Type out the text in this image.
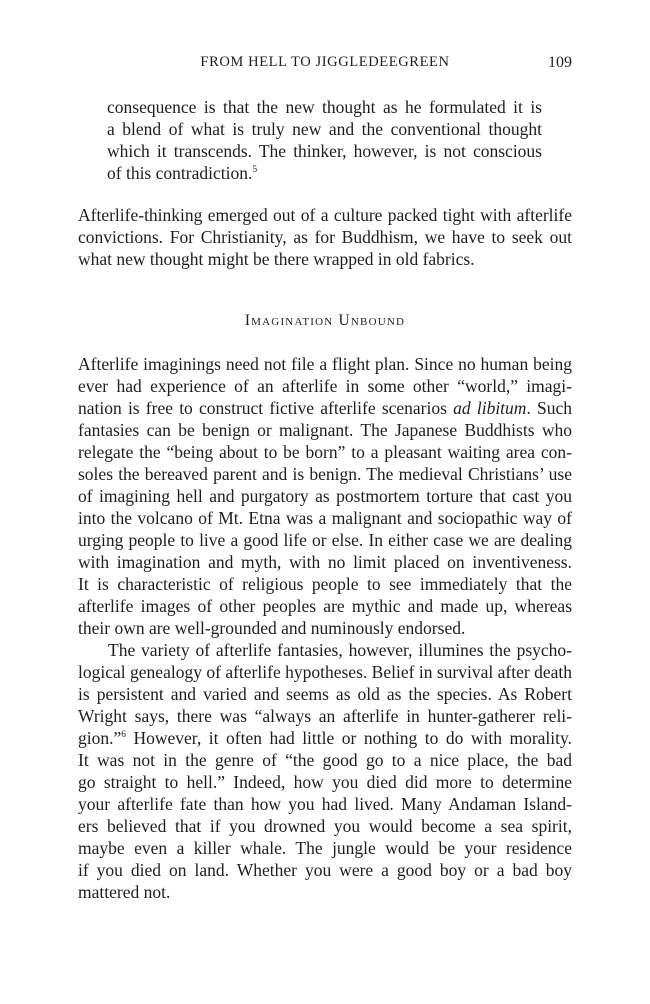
FROM HELL TO JIGGLEDEEGREEN	109
consequence is that the new thought as he formulated it is
a blend of what is truly new and the conventional thought
which it transcends. The thinker, however, is not conscious
of this contradiction.$^5$
Afterlife-thinking emerged out of a culture packed tight with afterlife
convictions. For Christianity, as for Buddhism, we have to seek out
what new thought might be there wrapped in old fabrics.
Imagination Unbound
Afterlife imaginings need not file a flight plan. Since no human being
ever had experience of an afterlife in some other “world,” imagi-
nation is free to construct fictive afterlife scenarios ad libitum. Such
fantasies can be benign or malignant. The Japanese Buddhists who
relegate the “being about to be born” to a pleasant waiting area con-
soles the bereaved parent and is benign. The medieval Christians’ use
of imagining hell and purgatory as postmortem torture that cast you
into the volcano of Mt. Etna was a malignant and sociopathic way of
urging people to live a good life or else. In either case we are dealing
with imagination and myth, with no limit placed on inventiveness.
It is characteristic of religious people to see immediately that the
afterlife images of other peoples are mythic and made up, whereas
their own are well-grounded and numinously endorsed.
The variety of afterlife fantasies, however, illumines the psycho-
logical genealogy of afterlife hypotheses. Belief in survival after death
is persistent and varied and seems as old as the species. As Robert
Wright says, there was “always an afterlife in hunter-gatherer reli-
gion.”$^6$ However, it often had little or nothing to do with morality.
It was not in the genre of “the good go to a nice place, the bad
go straight to hell.” Indeed, how you died did more to determine
your afterlife fate than how you had lived. Many Andaman Island-
ers believed that if you drowned you would become a sea spirit,
maybe even a killer whale. The jungle would be your residence
if you died on land. Whether you were a good boy or a bad boy
mattered not.
